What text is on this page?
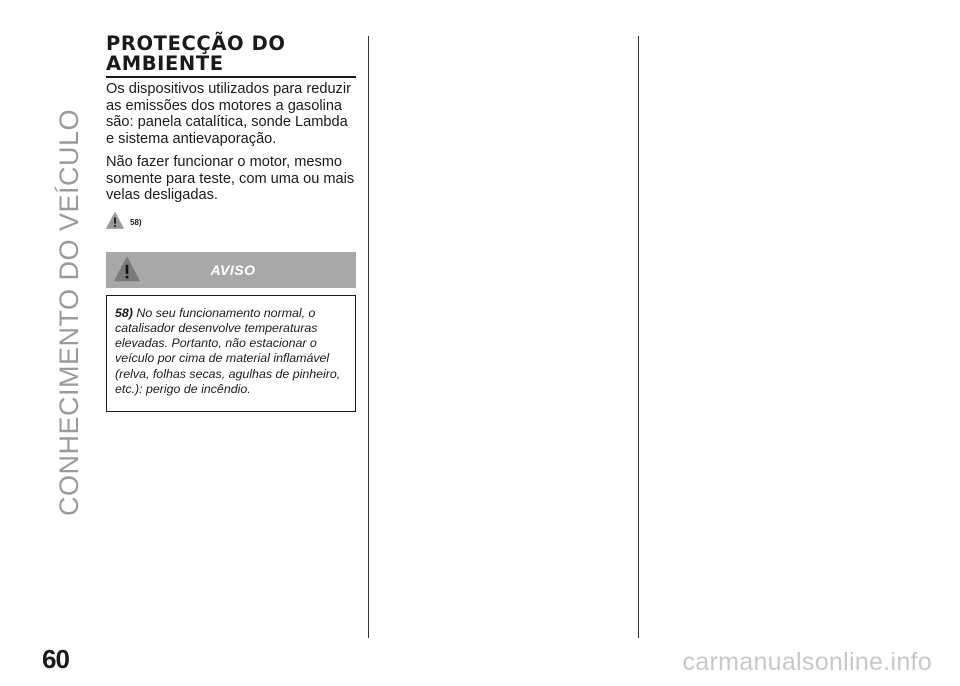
CONHECIMENTO DO VEÍCULO
60
PROTECÇÃO DO
AMBIENTE

Os dispositivos utilizados para reduzir as emissões dos motores a gasolina são: panela catalítica, sonde Lambda e sistema antievaporação.

Não fazer funcionar o motor, mesmo somente para teste, com uma ou mais velas desligadas.

58)
AVISO
58) No seu funcionamento normal, o catalisador desenvolve temperaturas elevadas. Portanto, não estacionar o veículo por cima de material inflamável (relva, folhas secas, agulhas de pinheiro, etc.): perigo de incêndio.
carmanualsonline.info
